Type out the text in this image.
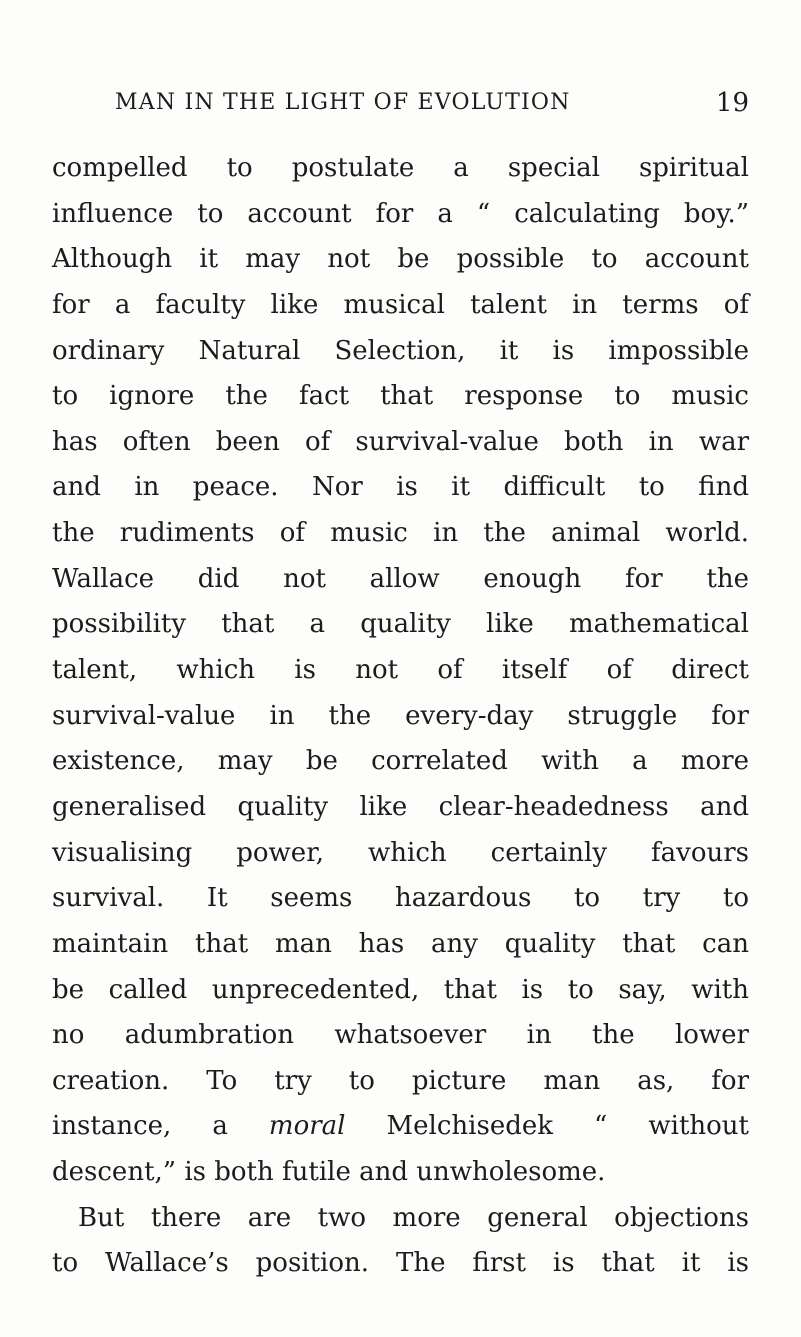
MAN IN THE LIGHT OF EVOLUTION	19
compelled to postulate a special spiritual
influence to account for a “ calculating boy.”
Although it may not be possible to account
for a faculty like musical talent in terms of
ordinary Natural Selection, it is impossible
to ignore the fact that response to music
has often been of survival-value both in war
and in peace. Nor is it difficult to find
the rudiments of music in the animal world.
Wallace did not allow enough for the
possibility that a quality like mathematical
talent, which is not of itself of direct
survival-value in the every-day struggle for
existence, may be correlated with a more
generalised quality like clear-headedness and
visualising power, which certainly favours
survival. It seems hazardous to try to
maintain that man has any quality that can
be called unprecedented, that is to say, with
no adumbration whatsoever in the lower
creation. To try to picture man as, for
instance, a moral Melchisedek “ without
descent,” is both futile and unwholesome.
But there are two more general objections
to Wallace’s position. The first is that it is
